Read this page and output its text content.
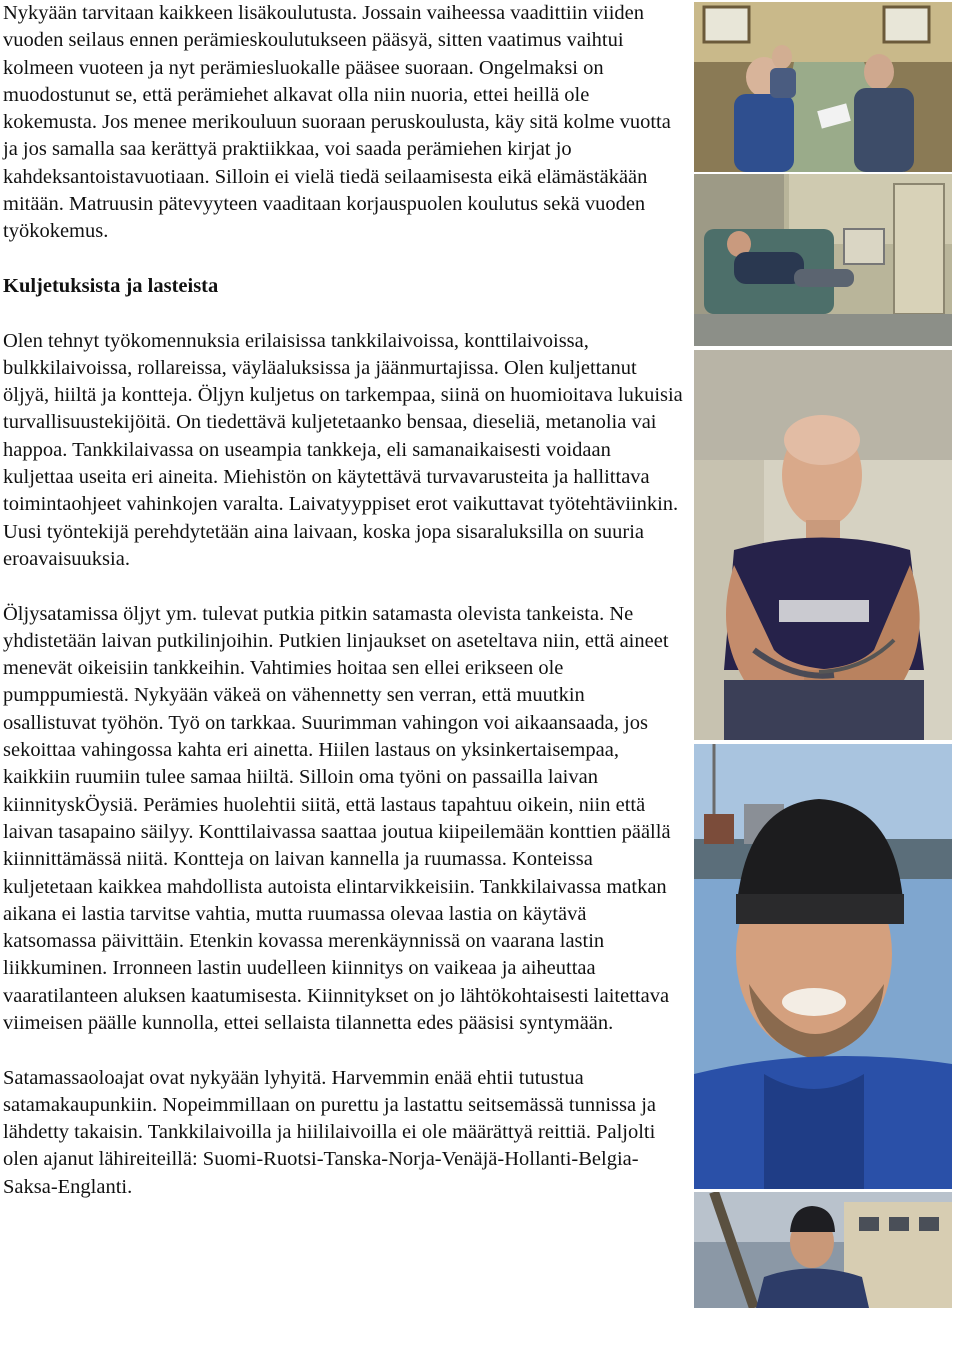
Nykyään tarvitaan kaikkeen lisäkoulutusta. Jossain vaiheessa vaadittiin viiden vuoden seilaus ennen perämieskoulutukseen pääsyä, sitten vaatimus vaihtui kolmeen vuoteen ja nyt perämiesluokalle pääsee suoraan. Ongelmaksi on muodostunut se, että perämiehet alkavat olla niin nuoria, ettei heillä ole kokemusta. Jos menee merikouluun suoraan peruskoulusta, käy sitä kolme vuotta ja jos samalla saa kerättyä praktiikkaa, voi saada perämiehen kirjat jo kahdeksantoistavuotiaan. Silloin ei vielä tiedä seilaamisesta eikä elämästäkään mitään. Matruusin pätevyyteen vaaditaan korjauspuolen koulutus sekä vuoden työkokemus.

Kuljetuksista ja lasteista

Olen tehnyt työkomennuksia erilaisissa tankkilaivoissa, konttilaivoissa, bulkkilaivoissa, rollareissa, väyläaluksissa ja jäänmurtajissa. Olen kuljettanut öljyä, hiiltä ja kontteja. Öljyn kuljetus on tarkempaa, siinä on huomioitava lukuisia turvallisuustekijöitä. On tiedettävä kuljetetaanko bensaa, dieseliä, metanolia vai happoa. Tankkilaivassa on useampia tankkeja, eli samanaikaisesti voidaan kuljettaa useita eri aineita. Miehistön on käytettävä turvavarusteita ja hallittava toimintaohjeet vahinkojen varalta. Laivatyyppiset erot vaikuttavat työtehtäviinkin. Uusi työntekijä perehdytetään aina laivaan, koska jopa sisaraluksilla on suuria eroavaisuuksia.

Öljysatamissa öljyt ym. tulevat putkia pitkin satamasta olevista tankeista. Ne yhdistetään laivan putkilinjoihin. Putkien linjaukset on aseteltava niin, että aineet menevät oikeisiin tankkeihin. Vahtimies hoitaa sen ellei erikseen ole pumppumiestä. Nykyään väkeä on vähennetty sen verran, että muutkin osallistuvat työhön. Työ on tarkkaa. Suurimman vahingon voi aikaansaada, jos sekoittaa vahingossa kahta eri ainetta. Hiilen lastaus on yksinkertaisempaa, kaikkiin ruumiin tulee samaa hiiltä. Silloin oma työni on passailla laivan kiinnityskÖysiä. Perämies huolehtii siitä, että lastaus tapahtuu oikein, niin että laivan tasapaino säilyy. Konttilaivassa saattaa joutua kiipeilemään konttien päällä kiinnittämässä niitä. Kontteja on laivan kannella ja ruumassa. Konteissa kuljetetaan kaikkea mahdollista autoista elintarvikkeisiin. Tankkilaivassa matkan aikana ei lastia tarvitse vahtia, mutta ruumassa olevaa lastia on käytävä katsomassa päivittäin. Etenkin kovassa merenkäynnissä on vaarana lastin liikkuminen. Irronneen lastin uudelleen kiinnitys on vaikeaa ja aiheuttaa vaaratilanteen aluksen kaatumisesta. Kiinnitykset on jo lähtökohtaisesti laitettava viimeisen päälle kunnolla, ettei sellaista tilannetta edes pääsisi syntymään.

Satamassaoloajat ovat nykyään lyhyitä. Harvemmin enää ehtii tutustua satamakaupunkiin. Nopeimmillaan on purettu ja lastattu seitsemässä tunnissa ja lähdetty takaisin. Tankkilaivoilla ja hiililaivoilla ei ole määrättyä reittiä. Paljolti olen ajanut lähireiteillä: Suomi-Ruotsi-Tanska-Norja-Venäjä-Hollanti-Belgia-Saksa-Englanti.
